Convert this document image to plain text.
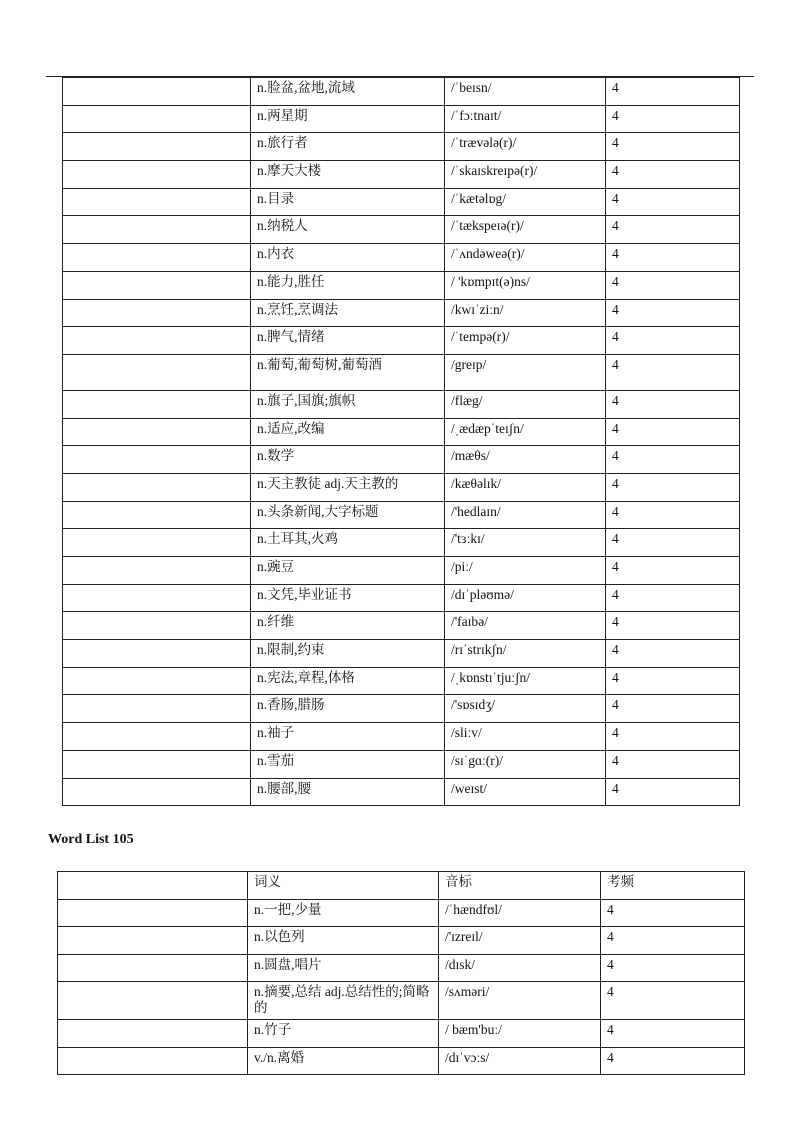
	n.脸盆,盆地,流域	/ˈbeɪsn/	4
	n.两星期	/ˈfɔːtnaɪt/	4
	n.旅行者	/ˈtrævələ(r)/	4
	n.摩天大楼	/ˈskaɪskreɪpə(r)/	4
	n.目录	/ˈkætəlɒg/	4
	n.纳税人	/ˈtækspeɪə(r)/	4
	n.内衣	/ˈʌndəweə(r)/	4
	n.能力,胜任	/ 'kɒmpɪt(ə)ns/	4
	n.烹饪,烹调法	/kwɪˈziːn/	4
	n.脾气,情绪	/ˈtempə(r)/	4
	n.葡萄,葡萄树,葡萄酒	/greɪp/	4
	n.旗子,国旗;旗帜	/flæg/	4
	n.适应,改编	/ˌædæpˈteɪʃn/	4
	n.数学	/mæθs/	4
	n.天主教徒 adj.天主教的	/kæθəlɪk/	4
	n.头条新闻,大字标题	/'hedlaɪn/	4
	n.土耳其,火鸡	/'tɜːkɪ/	4
	n.豌豆	/piː/	4
	n.文凭,毕业证书	/dɪˈpləʊmə/	4
	n.纤维	/'faɪbə/	4
	n.限制,约束	/rɪˈstrɪkʃn/	4
	n.宪法,章程,体格	/ˌkɒnstɪˈtjuːʃn/	4
	n.香肠,腊肠	/'sɒsɪdʒ/	4
	n.袖子	/sliːv/	4
	n.雪茄	/sɪˈgɑː(r)/	4
	n.腰部,腰	/weɪst/	4
Word List 105
	词义	音标	考频
	n.一把,少量	/ˈhændfʊl/	4
	n.以色列	/'ɪzreɪl/	4
	n.圆盘,唱片	/dɪsk/	4
	n.摘要,总结 adj.总结性的;简略的	/sʌməri/	4
	n.竹子	/ bæm'buː/	4
	v./n.离婚	/dɪˈvɔːs/	4
